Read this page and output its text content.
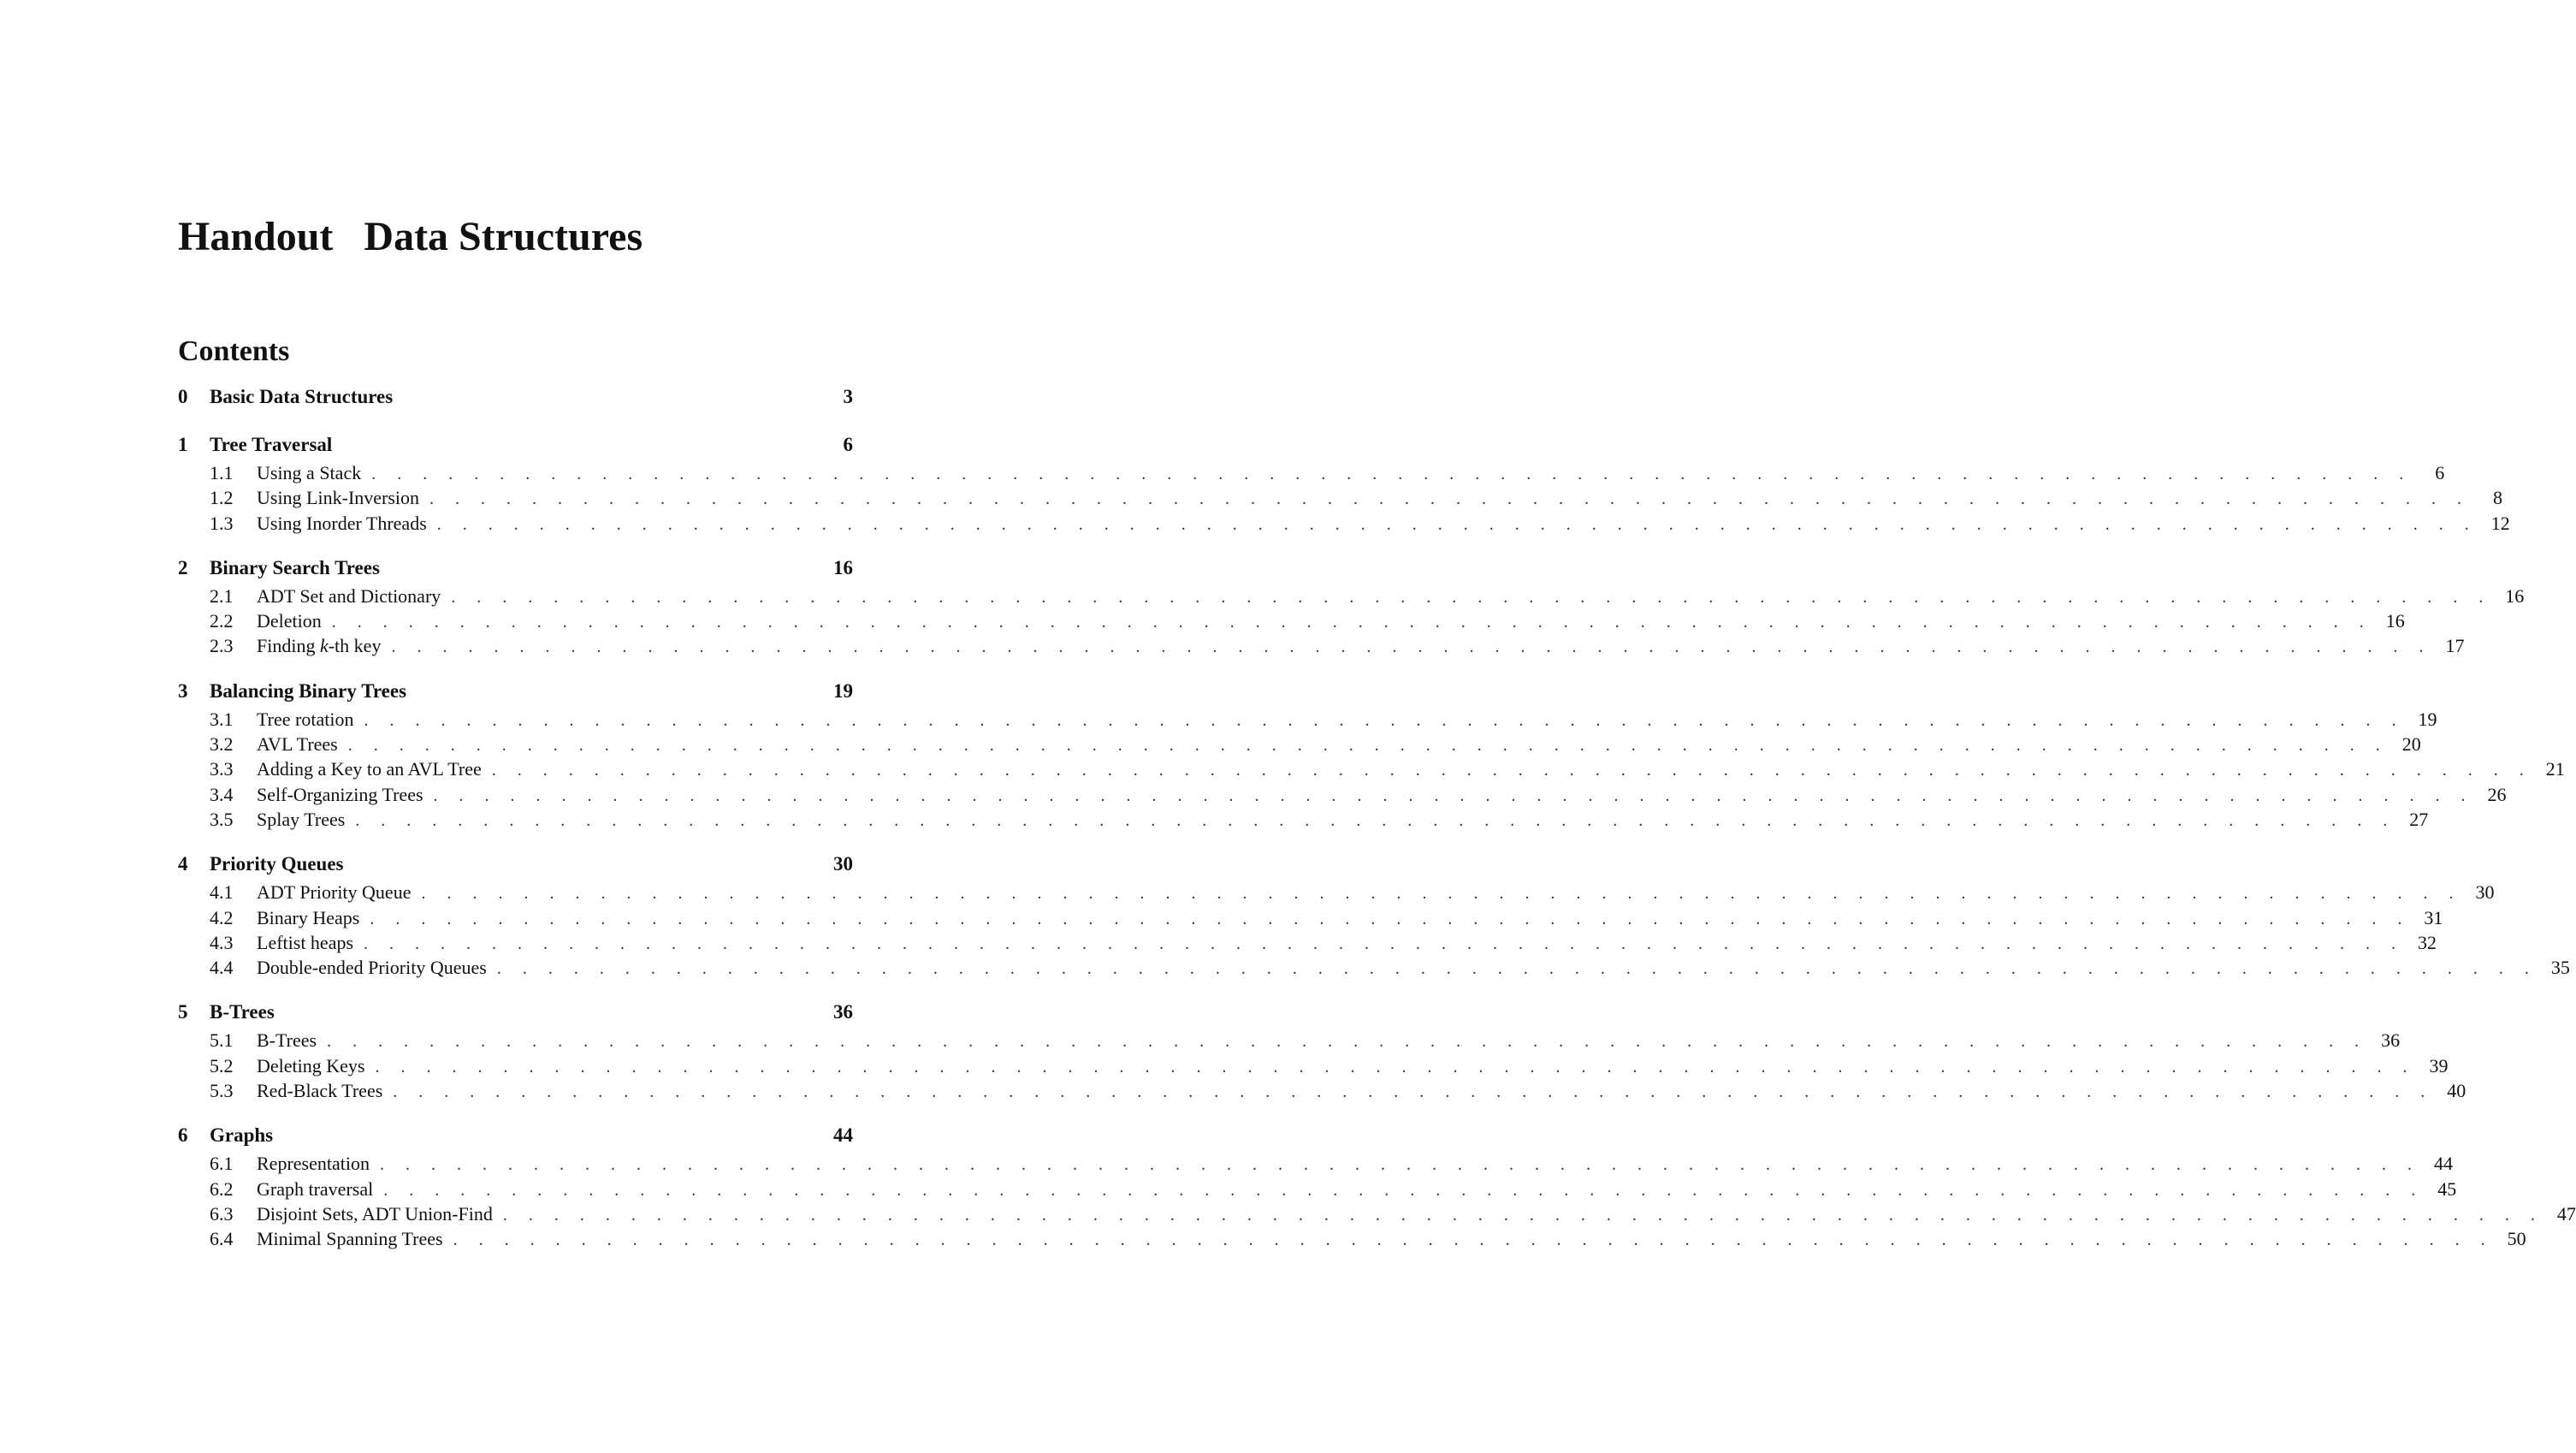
Handout   Data Structures
Contents
0	Basic Data Structures	3
1	Tree Traversal	6
1.1	Using a Stack . . . . . . . . . . . . . . . . . . . . . . . . . . . . . . . . . . . . . . . . . . . . . . . . . . . . . . . . . . . . . . . . . . . . . . . . . . . . . . . .	6
1.2	Using Link-Inversion . . . . . . . . . . . . . . . . . . . . . . . . . . . . . . . . . . . . . . . . . . . . . . . . . . . . . . . . . . . . . . . . . . . . . . . . . . . . . . . .	8
1.3	Using Inorder Threads . . . . . . . . . . . . . . . . . . . . . . . . . . . . . . . . . . . . . . . . . . . . . . . . . . . . . . . . . . . . . . . . . . . . . . . . . . . . . . . . 12
2	Binary Search Trees	16
2.1	ADT Set and Dictionary . . . . . . . . . . . . . . . . . . . . . . . . . . . . . . . . . . . . . . . . . . . . . . . . . . . . . . . . . . . . . . . . . . . . . . . . . . . . . . . . 16
2.2	Deletion . . . . . . . . . . . . . . . . . . . . . . . . . . . . . . . . . . . . . . . . . . . . . . . . . . . . . . . . . . . . . . . . . . . . . . . . . . . . . . . . 16
2.3	Finding k-th key . . . . . . . . . . . . . . . . . . . . . . . . . . . . . . . . . . . . . . . . . . . . . . . . . . . . . . . . . . . . . . . . . . . . . . . . . . . . . . . . 17
3	Balancing Binary Trees	19
3.1	Tree rotation . . . . . . . . . . . . . . . . . . . . . . . . . . . . . . . . . . . . . . . . . . . . . . . . . . . . . . . . . . . . . . . . . . . . . . . . . . . . . . . . 19
3.2	AVL Trees . . . . . . . . . . . . . . . . . . . . . . . . . . . . . . . . . . . . . . . . . . . . . . . . . . . . . . . . . . . . . . . . . . . . . . . . . . . . . . . . 20
3.3	Adding a Key to an AVL Tree . . . . . . . . . . . . . . . . . . . . . . . . . . . . . . . . . . . . . . . . . . . . . . . . . . . . . . . . . . . . . . . . . . . . . . . . . . . . . . . . 21
3.4	Self-Organizing Trees . . . . . . . . . . . . . . . . . . . . . . . . . . . . . . . . . . . . . . . . . . . . . . . . . . . . . . . . . . . . . . . . . . . . . . . . . . . . . . . . 26
3.5	Splay Trees . . . . . . . . . . . . . . . . . . . . . . . . . . . . . . . . . . . . . . . . . . . . . . . . . . . . . . . . . . . . . . . . . . . . . . . . . . . . . . . . 27
4	Priority Queues	30
4.1	ADT Priority Queue . . . . . . . . . . . . . . . . . . . . . . . . . . . . . . . . . . . . . . . . . . . . . . . . . . . . . . . . . . . . . . . . . . . . . . . . . . . . . . . . 30
4.2	Binary Heaps . . . . . . . . . . . . . . . . . . . . . . . . . . . . . . . . . . . . . . . . . . . . . . . . . . . . . . . . . . . . . . . . . . . . . . . . . . . . . . . . 31
4.3	Leftist heaps . . . . . . . . . . . . . . . . . . . . . . . . . . . . . . . . . . . . . . . . . . . . . . . . . . . . . . . . . . . . . . . . . . . . . . . . . . . . . . . . 32
4.4	Double-ended Priority Queues . . . . . . . . . . . . . . . . . . . . . . . . . . . . . . . . . . . . . . . . . . . . . . . . . . . . . . . . . . . . . . . . . . . . . . . . . . . . . . . . 35
5	B-Trees	36
5.1	B-Trees . . . . . . . . . . . . . . . . . . . . . . . . . . . . . . . . . . . . . . . . . . . . . . . . . . . . . . . . . . . . . . . . . . . . . . . . . . . . . . . . 36
5.2	Deleting Keys . . . . . . . . . . . . . . . . . . . . . . . . . . . . . . . . . . . . . . . . . . . . . . . . . . . . . . . . . . . . . . . . . . . . . . . . . . . . . . . . 39
5.3	Red-Black Trees . . . . . . . . . . . . . . . . . . . . . . . . . . . . . . . . . . . . . . . . . . . . . . . . . . . . . . . . . . . . . . . . . . . . . . . . . . . . . . . . 40
6	Graphs	44
6.1	Representation . . . . . . . . . . . . . . . . . . . . . . . . . . . . . . . . . . . . . . . . . . . . . . . . . . . . . . . . . . . . . . . . . . . . . . . . . . . . . . . . 44
6.2	Graph traversal . . . . . . . . . . . . . . . . . . . . . . . . . . . . . . . . . . . . . . . . . . . . . . . . . . . . . . . . . . . . . . . . . . . . . . . . . . . . . . . . 45
6.3	Disjoint Sets, ADT Union-Find . . . . . . . . . . . . . . . . . . . . . . . . . . . . . . . . . . . . . . . . . . . . . . . . . . . . . . . . . . . . . . . . . . . . . . . . . . . . . . . . 47
6.4	Minimal Spanning Trees . . . . . . . . . . . . . . . . . . . . . . . . . . . . . . . . . . . . . . . . . . . . . . . . . . . . . . . . . . . . . . . . . . . . . . . . . . . . . . . . 50
